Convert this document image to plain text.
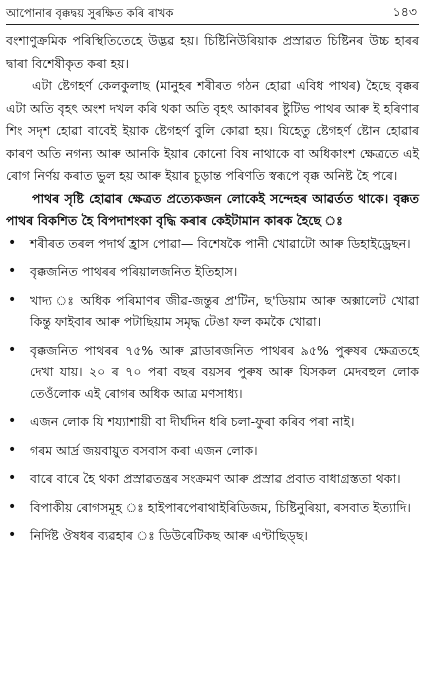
আপোনাৰ বৃক্কদ্বয় সুৰক্ষিত কৰি ৰাখক	১৪৩

বংশাণুক্ৰমিক পৰিস্থিতিতেহে উদ্ভৱ হয়। চিষ্টিনিউৰিয়াক প্ৰস্ৰাৱত চিষ্টিনৰ উচ্চ হাৰৰ দ্বাৰা বিশেষীকৃত কৰা হয়।

এটা ষ্টেগহৰ্ণ কেলকুলাছ (মানুহৰ শৰীৰত গঠন হোৱা এবিধ পাথৰ) হৈছে বৃক্কৰ এটা অতি বৃহৎ অংশ দখল কৰি থকা অতি বৃহৎ আকাৰৰ ষ্টুটিভ পাথৰ আৰু ই হৰিণাৰ শিং সদৃশ হোৱা বাবেই ইয়াক ষ্টেগহৰ্ণ বুলি কোৱা হয়। যিহেতু ষ্টেগহৰ্ণ ষ্টোন হোৱাৰ কাৰণ অতি নগন্য আৰু আনকি ইয়াৰ কোনো বিষ নাথাকে বা অধিকাংশ ক্ষেত্ৰতে এই ৰোগ নিৰ্ণয় কৰাত ভুল হয় আৰু ইয়াৰ চূড়ান্ত পৰিণতি স্বৰূপে বৃক্ক অনিষ্ট হৈ পৰে।

পাথৰ সৃষ্টি হোৱাৰ ক্ষেত্ৰত প্ৰত্যেকজন লোকেই সন্দেহৰ আৱৰ্তত থাকে। বৃক্কত পাথৰ বিকশিত হৈ বিপদাশংকা বৃদ্ধি কৰাৰ কেইটামান কাৰক হৈছে ঃ

• শৰীৰত তৰল পদাৰ্থ হ্ৰাস পোৱা— বিশেষকৈ পানী খোৱাটো আৰু ডিহাইড্ৰেছন।
• বৃক্কজনিত পাথৰৰ পৰিয়ালজনিত ইতিহাস।
• খাদ্য ঃ অধিক পৰিমাণৰ জীৱ-জন্তুৰ প্ৰ'টিন, ছ'ডিয়াম আৰু অক্সালেট খোৱা কিন্তু ফাইবাৰ আৰু পটাছিয়াম সমৃদ্ধ টেঙা ফল কমকৈ খোৱা।
• বৃক্কজনিত পাথৰৰ ৭৫% আৰু ব্লাডাৰজনিত পাথৰৰ ৯৫% পুৰুষৰ ক্ষেত্ৰতহে দেখা যায়। ২০ ৰ ৭০ পৰা বছৰ বয়সৰ পুৰুষ আৰু যিসকল মেদবহুল লোক তেওঁলোক এই ৰোগৰ অধিক আত্ৰ মণসাধ্য।
• এজন লোক যি শয্যাশায়ী বা দীৰ্ঘদিন ধৰি চলা-ফুৰা কৰিব পৰা নাই।
• গৰম আৰ্দ্ৰ জয়বায়ুত বসবাস কৰা এজন লোক।
• বাৰে বাৰে হৈ থকা প্ৰস্ৰাৱতন্ত্ৰৰ সংক্ৰমণ আৰু প্ৰস্ৰাৱ প্ৰবাত বাধাগ্ৰস্ততা থকা।
• বিপাকীয় ৰোগসমূহ ঃ হাইপাৰপেৰাথাইৰিডিজম, চিষ্টিনুৰিয়া, ৰসবাত ইত্যাদি।
• নিৰ্দিষ্ট ঔষধৰ ব্যৱহাৰ ঃ ডিউৰেটিকছ আৰু এণ্টাছিড্‌ছ।
